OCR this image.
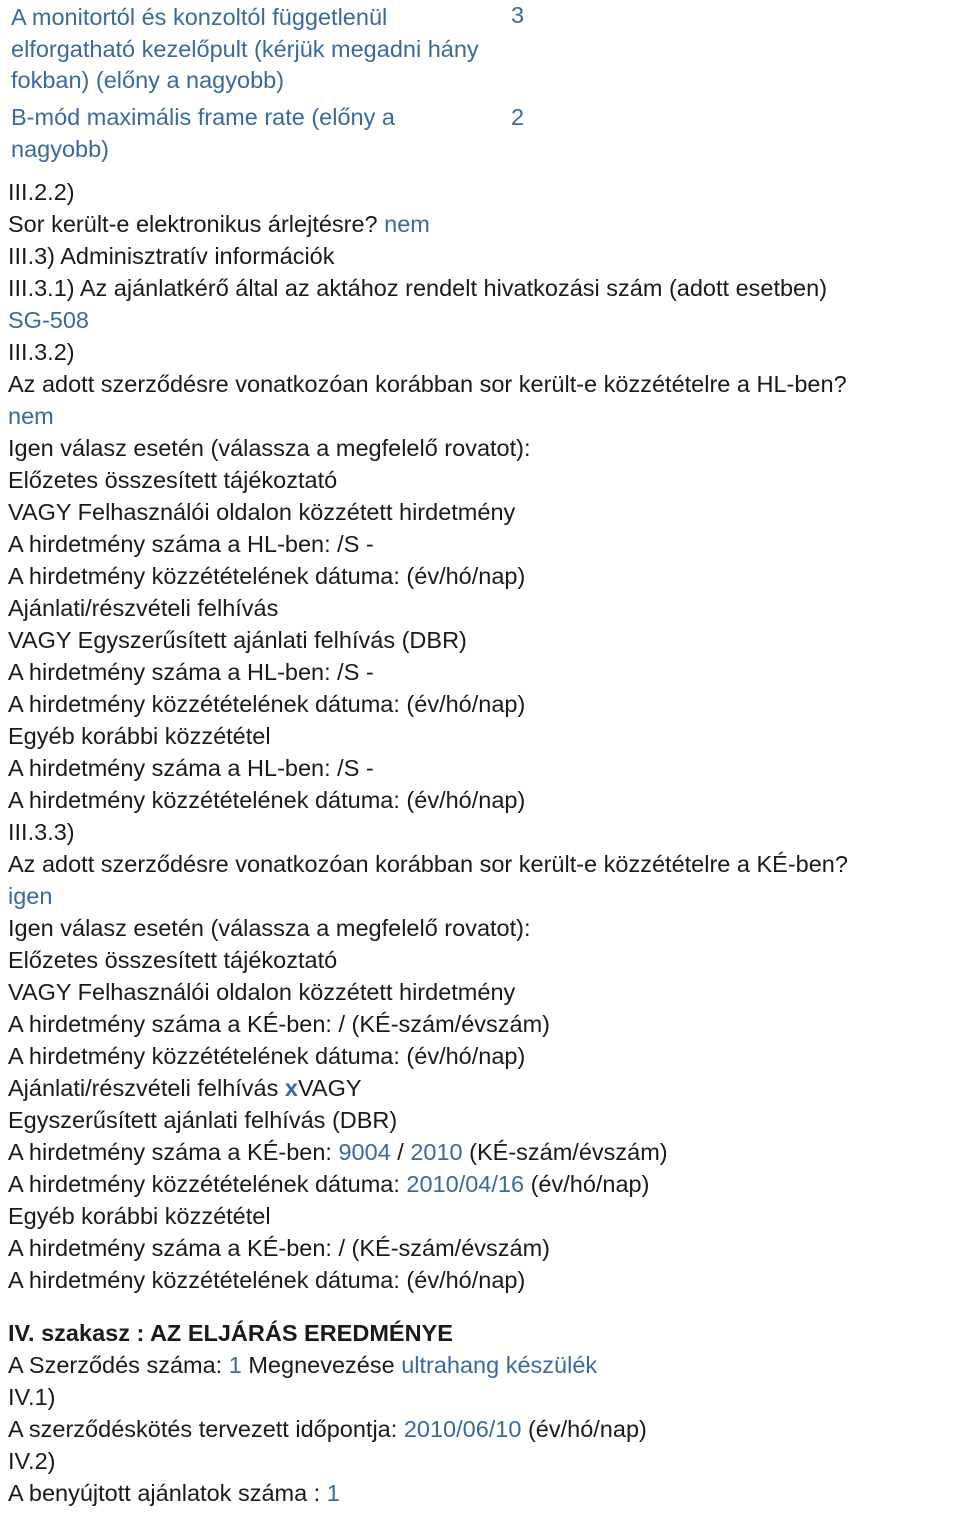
A monitortól és konzoltól függetlenül elforgatható kezelőpult (kérjük megadni hány fokban) (előny a nagyobb)
3
B-mód maximális frame rate (előny a nagyobb)
2
III.2.2)
Sor került-e elektronikus árlejtésre? nem
III.3) Adminisztratív információk
III.3.1) Az ajánlatkérő által az aktához rendelt hivatkozási szám (adott esetben)
SG-508
III.3.2)
Az adott szerződésre vonatkozóan korábban sor került-e közzétételre a HL-ben?
nem
Igen válasz esetén (válassza a megfelelő rovatot):
Előzetes összesített tájékoztató
VAGY Felhasználói oldalon közzétett hirdetmény
A hirdetmény száma a HL-ben: /S -
A hirdetmény közzétételének dátuma: (év/hó/nap)
Ajánlati/részvételi felhívás
VAGY Egyszerűsített ajánlati felhívás (DBR)
A hirdetmény száma a HL-ben: /S -
A hirdetmény közzétételének dátuma: (év/hó/nap)
Egyéb korábbi közzététel
A hirdetmény száma a HL-ben: /S -
A hirdetmény közzétételének dátuma: (év/hó/nap)
III.3.3)
Az adott szerződésre vonatkozóan korábban sor került-e közzétételre a KÉ-ben?
igen
Igen válasz esetén (válassza a megfelelő rovatot):
Előzetes összesített tájékoztató
VAGY Felhasználói oldalon közzétett hirdetmény
A hirdetmény száma a KÉ-ben: / (KÉ-szám/évszám)
A hirdetmény közzétételének dátuma: (év/hó/nap)
Ajánlati/részvételi felhívás xVAGY
Egyszerűsített ajánlati felhívás (DBR)
A hirdetmény száma a KÉ-ben: 9004 / 2010 (KÉ-szám/évszám)
A hirdetmény közzétételének dátuma: 2010/04/16 (év/hó/nap)
Egyéb korábbi közzététel
A hirdetmény száma a KÉ-ben: / (KÉ-szám/évszám)
A hirdetmény közzétételének dátuma: (év/hó/nap)
IV. szakasz : AZ ELJÁRÁS EREDMÉNYE
A Szerződés száma: 1 Megnevezése ultrahang készülék
IV.1)
A szerződéskötés tervezett időpontja: 2010/06/10 (év/hó/nap)
IV.2)
A benyújtott ajánlatok száma : 1
